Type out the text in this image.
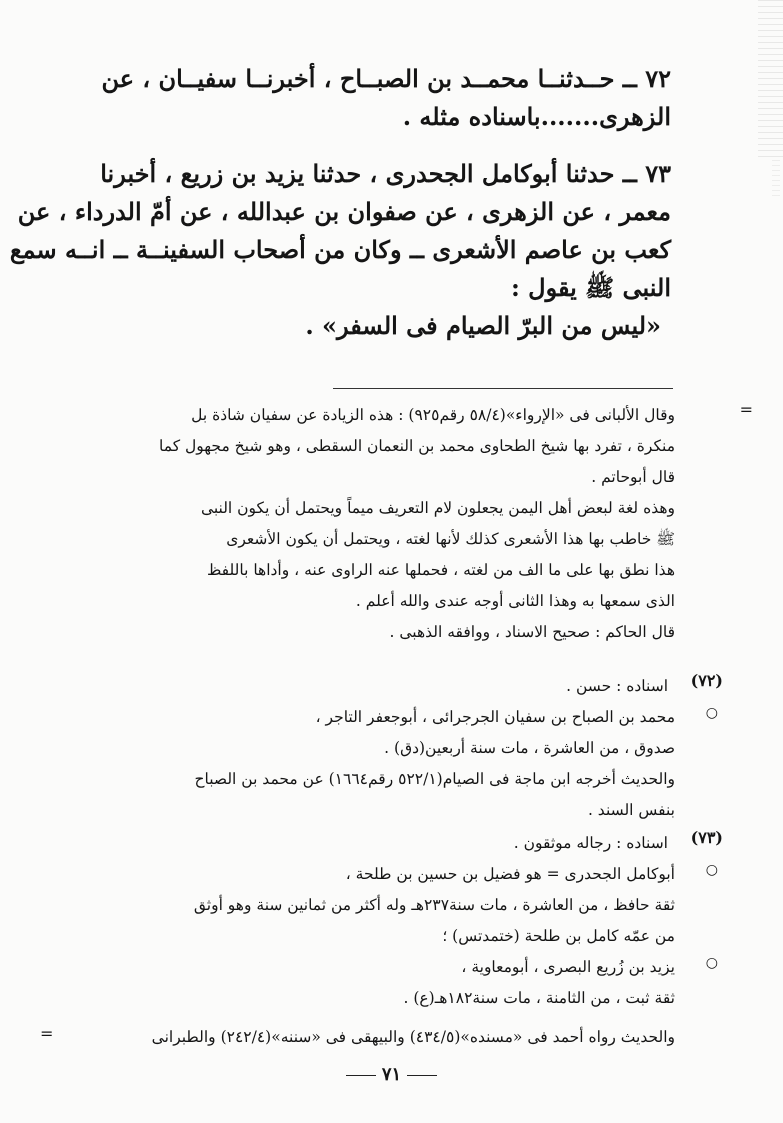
٧٢ ــ حــدثنــا محمــد بن الصبــاح ، أخبرنــا سفيــان ، عن
الزهرى.......باسناده مثله .
٧٣ ــ حدثنا أبوكامل الجحدرى ، حدثنا يزيد بن زريع ، أخبرنا
معمر ، عن الزهرى ، عن صفوان بن عبدالله ، عن أمّ الدرداء ، عن
كعب بن عاصم الأشعرى ــ وكان من أصحاب السفينــة ــ انــه سمع
النبى ﷺ يقول :
«ليس من البرّ الصيام فى السفر» .
=
وقال الألبانى فى «الإرواء»(٥٨/٤ رقم٩٢٥) : هذه الزيادة عن سفيان شاذة بل
منكرة ، تفرد بها شيخ الطحاوى محمد بن النعمان السقطى ، وهو شيخ مجهول كما
قال أبوحاتم .
وهذه لغة لبعض أهل اليمن يجعلون لام التعريف ميماً ويحتمل أن يكون النبى
ﷺ خاطب بها هذا الأشعرى كذلك لأنها لغته ، ويحتمل أن يكون الأشعرى
هذا نطق بها على ما الف من لغته ، فحملها عنه الراوى عنه ، وأداها باللفظ
الذى سمعها به وهذا الثانى أوجه عندى والله أعلم .
قال الحاكم : صحيح الاسناد ، ووافقه الذهبى .
(٧٢)
اسناده : حسن .
○
محمد بن الصباح بن سفيان الجرجرائى ، أبوجعفر التاجر ،
صدوق ، من العاشرة ، مات سنة أربعين(دق) .
والحديث أخرجه ابن ماجة فى الصيام(٥٢٢/١ رقم١٦٦٤) عن محمد بن الصباح
بنفس السند .
(٧٣)
اسناده : رجاله موثقون .
○
أبوكامل الجحدرى = هو فضيل بن حسين بن طلحة ،
ثقة حافظ ، من العاشرة ، مات سنة٢٣٧هـ وله أكثر من ثمانين سنة وهو أوثق
من عمّه كامل بن طلحة (ختمدتس) ؛
○
يزيد بن زُريع البصرى ، أبومعاوية ،
ثقة ثبت ، من الثامنة ، مات سنة١٨٢هـ(ع) .
والحديث رواه أحمد فى «مسنده»(٤٣٤/٥) والبيهقى فى «سننه»(٢٤٢/٤) والطبرانى
=
٧١
